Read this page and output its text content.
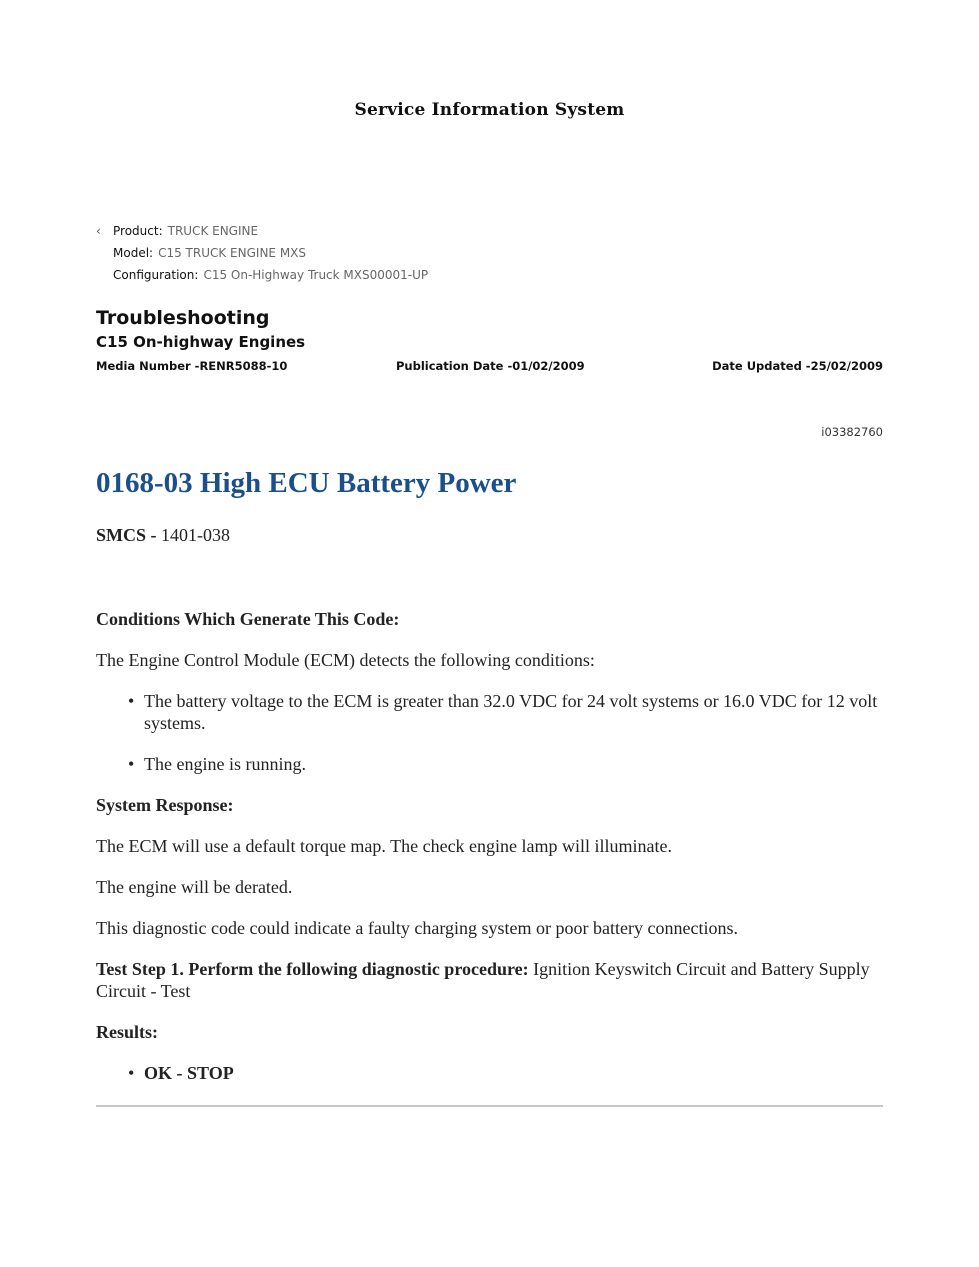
Service Information System
‹ Product: TRUCK ENGINE
Model: C15 TRUCK ENGINE MXS
Configuration: C15 On-Highway Truck MXS00001-UP
Troubleshooting
C15 On-highway Engines
Media Number -RENR5088-10	Publication Date -01/02/2009	Date Updated -25/02/2009
i03382760
0168-03 High ECU Battery Power

SMCS - 1401-038

Conditions Which Generate This Code:

The Engine Control Module (ECM) detects the following conditions:

• The battery voltage to the ECM is greater than 32.0 VDC for 24 volt systems or 16.0 VDC for 12 volt systems.
• The engine is running.

System Response:

The ECM will use a default torque map. The check engine lamp will illuminate.

The engine will be derated.

This diagnostic code could indicate a faulty charging system or poor battery connections.

Test Step 1. Perform the following diagnostic procedure: Ignition Keyswitch Circuit and Battery Supply Circuit - Test

Results:

• OK - STOP
